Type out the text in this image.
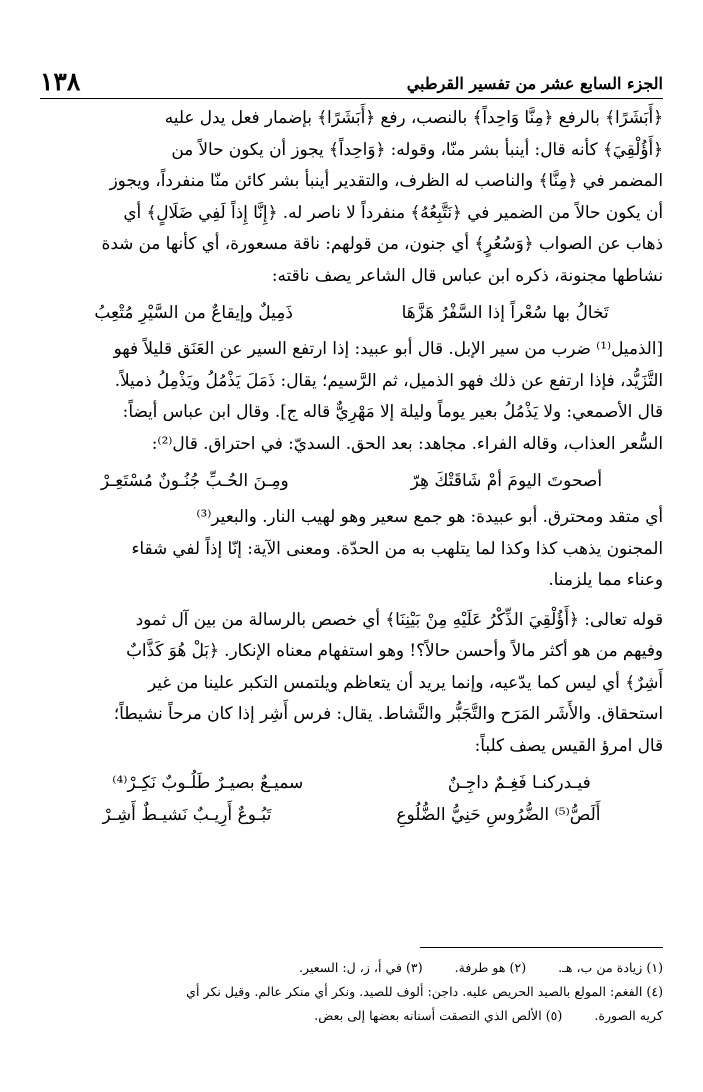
١٣٨	الجزء السابع عشر من تفسير القرطبي

﴿أَبَشَرًا﴾ بالرفع ﴿مِنَّا وَاحِداً﴾ بالنصب، رفع ﴿أَبَشَرًا﴾ بإضمار فعل يدل عليه

﴿أَؤُلْقِيَ﴾ كأنه قال: أينبأ بشر منّا، وقوله: ﴿وَاحِداً﴾ يجوز أن يكون حالاً من

المضمر في ﴿مِنَّا﴾ والناصب له الظرف، والتقدير أينبأ بشر كائن منّا منفرداً، ويجوز

أن يكون حالاً من الضمير في ﴿نَتَّبِعُهُ﴾ منفرداً لا ناصر له. ﴿إِنَّا إِذاً لَفِي ضَلَالٍ﴾ أي

ذهاب عن الصواب ﴿وَسُعُرٍ﴾ أي جنون، من قولهم: ناقة مسعورة، أي كأنها من شدة

نشاطها مجنونة، ذكره ابن عباس قال الشاعر يصف ناقته:

تَخالُ بها سُعْراً إذا السَّفْرُ هَزَّهَا
ذَمِيلٌ وإيقاعٌ من السَّيْرِ مُتْعِبُ

[الذميل⁽¹⁾ ضرب من سير الإبل. قال أبو عبيد: إذا ارتفع السير عن العَنَق قليلاً فهو

التَّزَيُّد، فإذا ارتفع عن ذلك فهو الذميل، ثم الرَّسيم؛ يقال: ذَمَلَ يَذْمُلُ ويَذْمِلُ ذميلاً.

قال الأصمعي: ولا يَذْمُلُ بعير يوماً وليلة إلا مَهْرِيٌّ قاله ج]. وقال ابن عباس أيضاً:

السُّعر العذاب، وقاله الفراء. مجاهد: بعد الحق. السديّ: في احتراق. قال⁽²⁾:

أصحوتَ اليومَ أمْ شَاقَتْكَ هِرّ
ومِـنَ الحُـبِّ جُنُـونٌ مُسْتَعِـرْ

أي متقد ومحترق. أبو عبيدة: هو جمع سعير وهو لهيب النار. والبعير⁽³⁾

المجنون يذهب كذا وكذا لما يتلهب به من الحدّة. ومعنى الآية: إنّا إذاً لفي شقاء

وعناء مما يلزمنا.

قوله تعالى: ﴿أَؤُلْقِيَ الذِّكْرُ عَلَيْهِ مِنْ بَيْنِنَا﴾ أي خصص بالرسالة من بين آل ثمود

وفيهم من هو أكثر مالاً وأحسن حالاً؟! وهو استفهام معناه الإنكار. ﴿بَلْ هُوَ كَذَّابٌ

أَشِرٌ﴾ أي ليس كما يدّعيه، وإنما يريد أن يتعاظم ويلتمس التكبر علينا من غير

استحقاق. والأَشَر المَرَح والتَّجَبُّر والنَّشاط. يقال: فرس أَشِر إذا كان مرحاً نشيطاً؛

قال امرؤ القيس يصف كلباً:

فيـدركنـا فَغِـمٌ داجِـنٌ
سميـعٌ بصيـرٌ طَلُـوبٌ نَكِـرْ⁽⁴⁾
أَلَصُّ⁽⁵⁾ الضُّرُوسِ حَنِيُّ الضُّلُوعِ
تَبُـوعٌ أَرِيـبٌ نَشيـطٌ أَشِـرْ

(١) زيادة من ب، هـ. (٢) هو طرفة. (٣) في أ، ز، ل: السعير.

(٤) الفغم: المولع بالصيد الحريص عليه. داجن: ألوف للصيد. ونكر أي منكر عالم. وقيل نكر أي

كريه الصورة. (٥) الألص الذي التصقت أسنانه بعضها إلى بعض.
